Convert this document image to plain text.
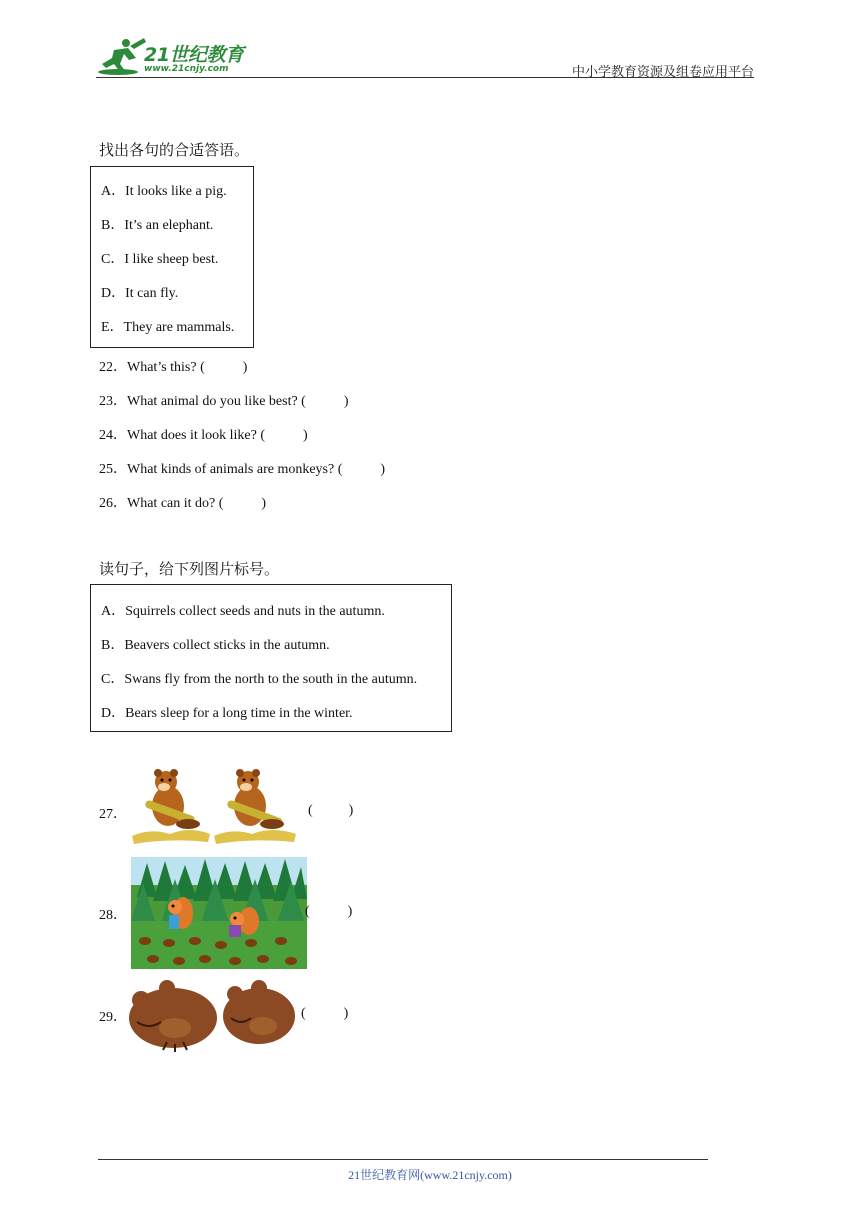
21世纪教育
www.21cnjy.com	中小学教育资源及组卷应用平台
找出各句的合适答语。
A．It looks like a pig.
B．It’s an elephant.
C．I like sheep best.
D．It can fly.
E．They are mammals.
22．What’s this? (	)
23．What animal do you like best? (	)
24．What does it look like? (	)
25．What kinds of animals are monkeys? (	)
26．What can it do? (	)
读句子，给下列图片标号。
A．Squirrels collect seeds and nuts in the autumn.
B．Beavers collect sticks in the autumn.
C．Swans fly from the north to the south in the autumn.
D．Bears sleep for a long time in the winter.
27．	(	)
28．	(	)
29．	(	)
21世纪教育网(www.21cnjy.com)
